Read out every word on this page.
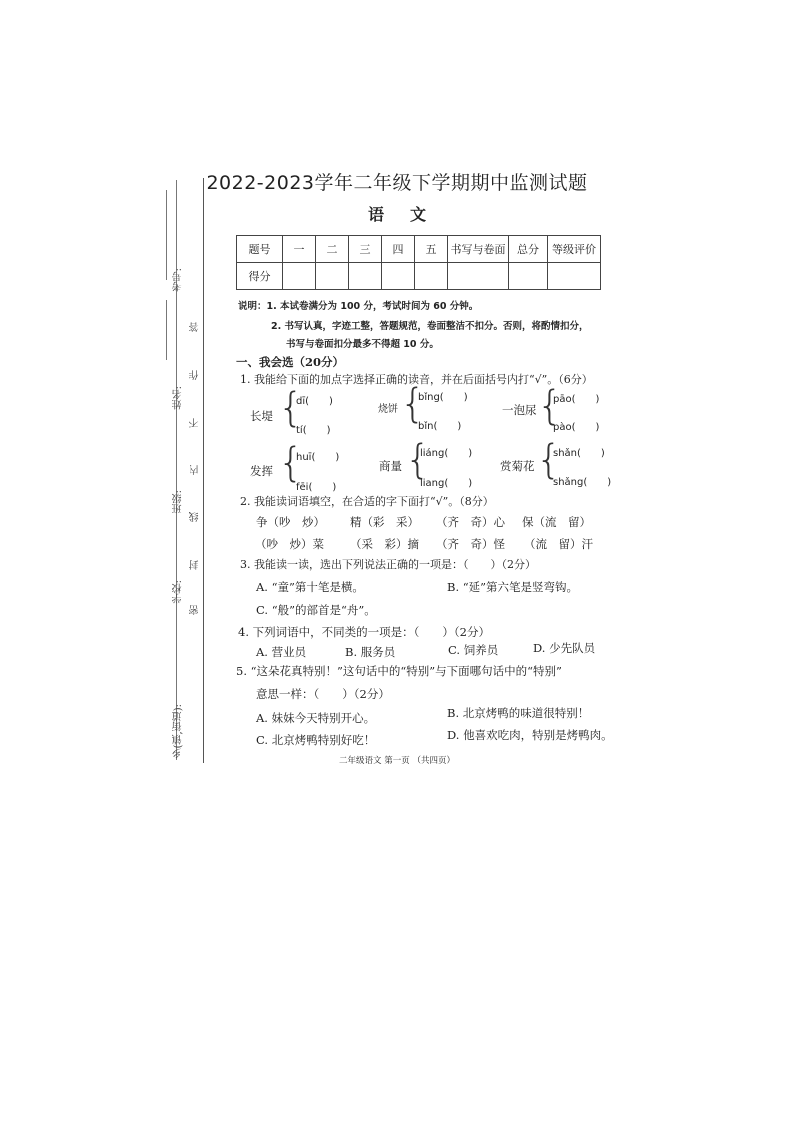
考号:
姓名:
班级:
学校:
乡(镇,街道):
答
作
不
内
线
封
密
2022-2023学年二年级下学期期中监测试题
语文
题号	一	二	三	四	五	书写与卷面	总分	等级评价
得分								
说明：1. 本试卷满分为 100 分，考试时间为 60 分钟。
2. 书写认真，字迹工整，答题规范，卷面整洁不扣分。否则，将酌情扣分，
书写与卷面扣分最多不得超 10 分。
一、我会选（20分）
1. 我能给下面的加点字选择正确的读音，并在后面括号内打“√”。（6分）
长堤 {
dī(　　)
tí(　　)
烧饼 {
bǐng(　　)
bǐn(　　)
一泡尿 {
pāo(　　)
pào(　　)
发挥 {
huī(　　)
fēi(　　)
商量 {
liáng(　　)
liang(　　)
赏菊花 {
shǎn(　　)
shǎng(　　)
2. 我能读词语填空，在合适的字下面打“√”。（8分）
争（吵　炒） 精（彩　采） （齐　奇）心 保（流　留）
（吵　炒）菜 （采　彩）摘 （齐　奇）怪 （流　留）汗
3. 我能读一读，选出下列说法正确的一项是：（　　）（2分）
A. “童”第十笔是横。	B. “延”第六笔是竖弯钩。
C. “般”的部首是“舟”。
4. 下列词语中，不同类的一项是：（　　）（2分）
A. 营业员	B. 服务员	C. 饲养员	D. 少先队员
5. “这朵花真特别！”这句话中的“特别”与下面哪句话中的“特别”
意思一样：（　　）（2分）
A. 妹妹今天特别开心。	B. 北京烤鸭的味道很特别！
C. 北京烤鸭特别好吃！	D. 他喜欢吃肉，特别是烤鸭肉。
二年级语文 第一页 （共四页）
